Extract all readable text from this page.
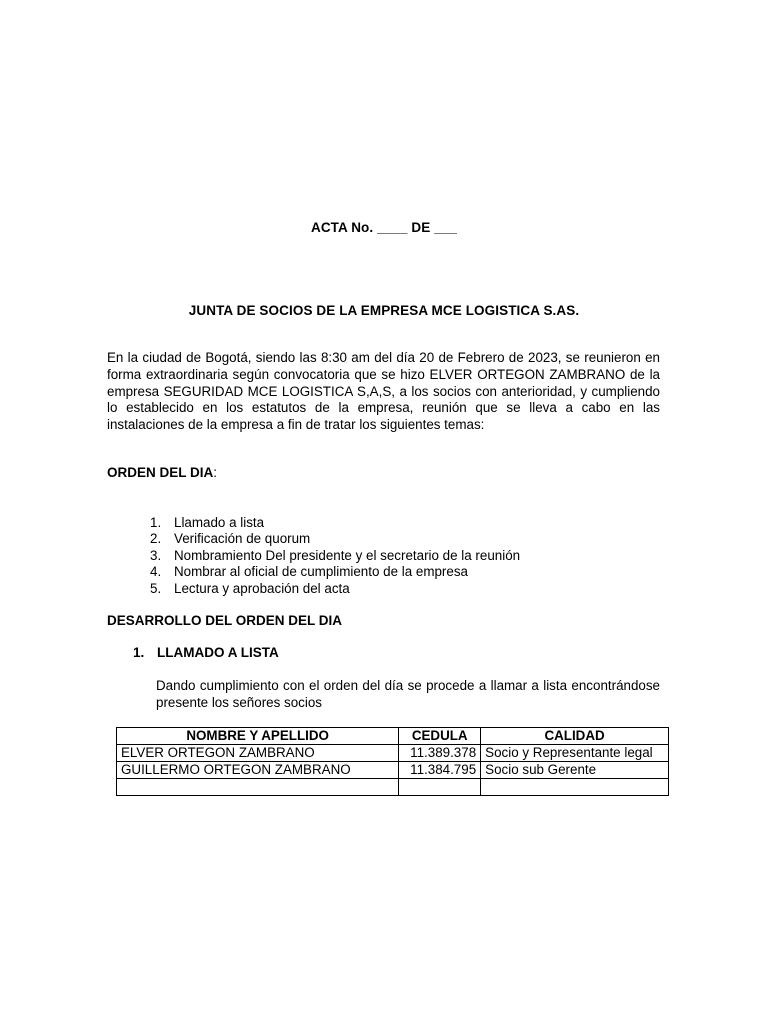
ACTA No. ____ DE ___
JUNTA DE SOCIOS DE LA EMPRESA MCE LOGISTICA S.AS.
En la ciudad de Bogotá, siendo las 8:30 am del día 20 de Febrero de 2023, se reunieron en forma extraordinaria según convocatoria que se hizo ELVER ORTEGON ZAMBRANO de la empresa SEGURIDAD MCE LOGISTICA S,A,S, a los socios con anterioridad, y cumpliendo lo establecido en los estatutos de la empresa, reunión que se lleva a cabo en las instalaciones de la empresa a fin de tratar los siguientes temas:
ORDEN DEL DIA:
1. Llamado a lista
2. Verificación de quorum
3. Nombramiento Del presidente y el secretario de la reunión
4. Nombrar al oficial de cumplimiento de la empresa
5. Lectura y aprobación del acta
DESARROLLO DEL ORDEN DEL DIA
1. LLAMADO A LISTA
Dando cumplimiento con el orden del día se procede a llamar a lista encontrándose presente los señores socios
NOMBRE Y APELLIDO	CEDULA	CALIDAD
ELVER ORTEGON ZAMBRANO	11.389.378	Socio y Representante legal
GUILLERMO ORTEGON ZAMBRANO	11.384.795	Socio sub Gerente
